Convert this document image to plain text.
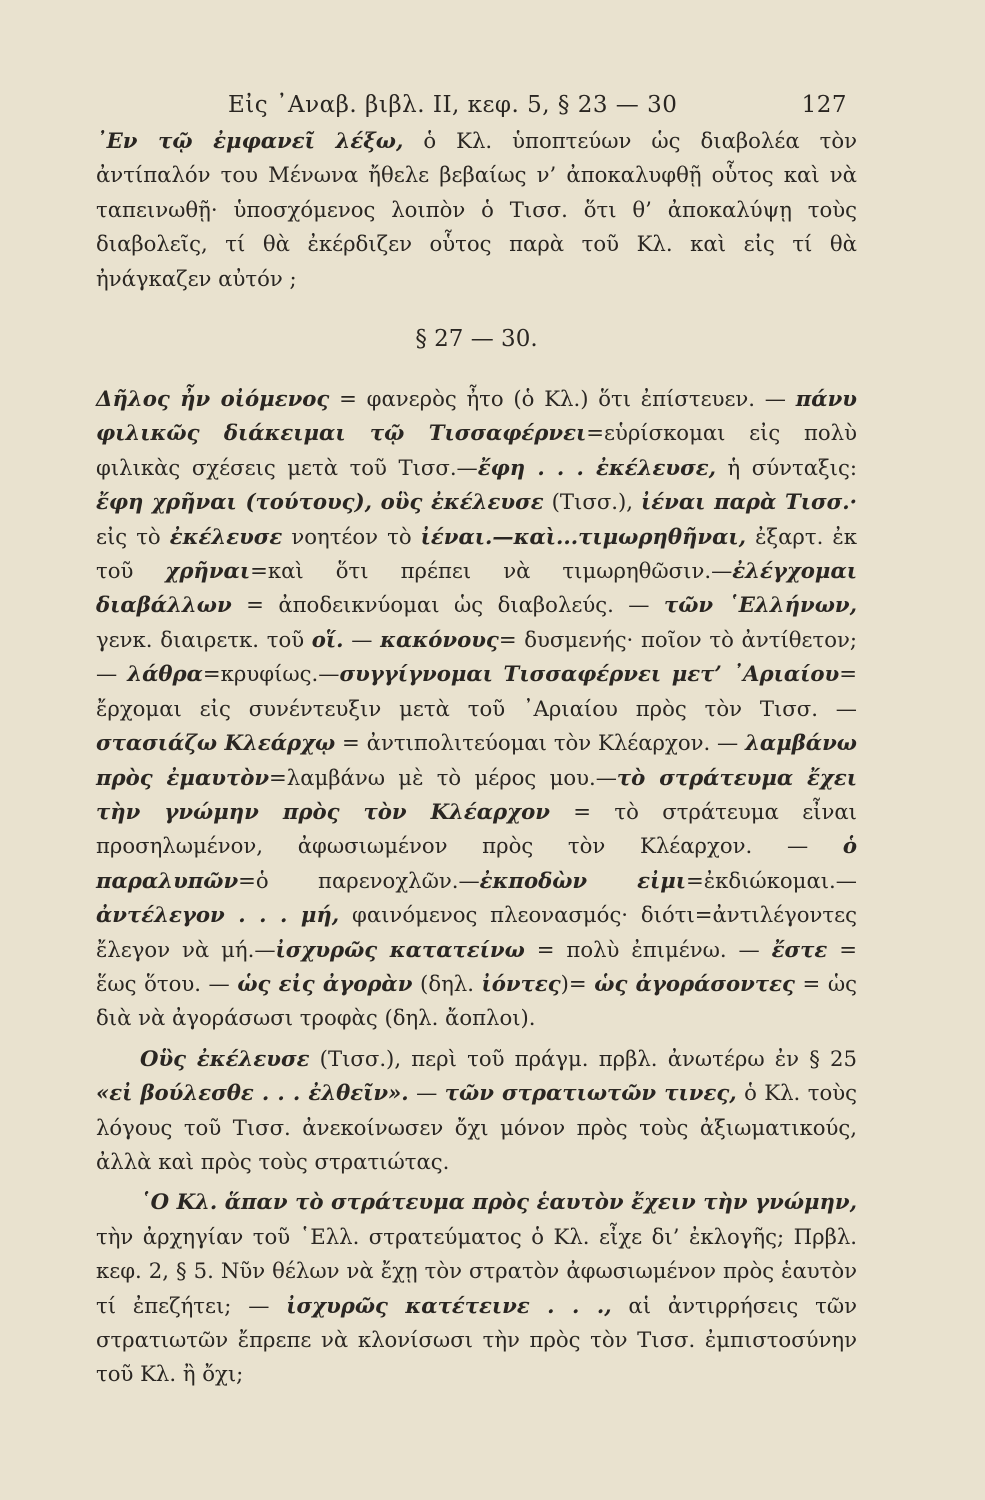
Εἰς ᾿Αναβ. βιβλ. ΙΙ, κεφ. 5, § 23 — 30	127

᾿Εν τῷ ἐμφανεῖ λέξω, ὁ Κλ. ὑποπτεύων ὡς διαβολέα τὸν ἀντίπαλόν του Μένωνα ἤθελε βεβαίως ν’ ἀποκαλυφθῇ οὗτος καὶ νὰ ταπεινωθῇ· ὑποσχόμενος λοιπὸν ὁ Τισσ. ὅτι θ’ ἀποκαλύψῃ τοὺς διαβολεῖς, τί θὰ ἐκέρδιζεν οὗτος παρὰ τοῦ Κλ. καὶ εἰς τί θὰ ἠνάγκαζεν αὐτόν ;

§ 27 — 30.

Δῆλος ἦν οἰόμενος = φανερὸς ἦτο (ὁ Κλ.) ὅτι ἐπίστευεν. — πάνυ φιλικῶς διάκειμαι τῷ Τισσαφέρνει=εὑρίσκομαι εἰς πολὺ φιλικὰς σχέσεις μετὰ τοῦ Τισσ.—ἔφη . . . ἐκέλευσε, ἡ σύνταξις: ἔφη χρῆναι (τούτους), οὓς ἐκέλευσε (Τισσ.), ἰέναι παρὰ Τισσ.· εἰς τὸ ἐκέλευσε νοητέον τὸ ἰέναι.—καὶ...τιμωρηθῆναι, ἐξαρτ. ἐκ τοῦ χρῆναι=καὶ ὅτι πρέπει νὰ τιμωρηθῶσιν.—ἐλέγχομαι διαβάλλων = ἀποδεικνύομαι ὡς διαβολεύς. — τῶν ῾Ελλήνων, γενκ. διαιρετκ. τοῦ οἵ. — κακόνους= δυσμενής· ποῖον τὸ ἀντίθετον; — λάθρα=κρυφίως.—συγγίγνομαι Τισσαφέρνει μετ’ ᾿Αριαίου= ἔρχομαι εἰς συνέντευξιν μετὰ τοῦ ᾿Αριαίου πρὸς τὸν Τισσ. — στασιάζω Κλεάρχῳ = ἀντιπολιτεύομαι τὸν Κλέαρχον. — λαμβάνω πρὸς ἐμαυτὸν=λαμβάνω μὲ τὸ μέρος μου.—τὸ στράτευμα ἔχει τὴν γνώμην πρὸς τὸν Κλέαρχον = τὸ στράτευμα εἶναι προσηλωμένον, ἀφωσιωμένον πρὸς τὸν Κλέαρχον. — ὁ παραλυπῶν=ὁ παρενοχλῶν.—ἐκποδὼν εἰμι=ἐκδιώκομαι.—ἀντέλεγον . . . μή, φαινόμενος πλεονασμός· διότι=ἀντιλέγοντες ἔλεγον νὰ μή.—ἰσχυρῶς κατατείνω = πολὺ ἐπιμένω. — ἔστε = ἕως ὅτου. — ὡς εἰς ἀγορὰν (δηλ. ἰόντες)= ὡς ἀγοράσοντες = ὡς διὰ νὰ ἀγοράσωσι τροφὰς (δηλ. ἄοπλοι).

Οὓς ἐκέλευσε (Τισσ.), περὶ τοῦ πράγμ. πρβλ. ἀνωτέρω ἐν § 25 «εἰ βούλεσθε . . . ἐλθεῖν». — τῶν στρατιωτῶν τινες, ὁ Κλ. τοὺς λόγους τοῦ Τισσ. ἀνεκοίνωσεν ὄχι μόνον πρὸς τοὺς ἀξιωματικούς, ἀλλὰ καὶ πρὸς τοὺς στρατιώτας.

῾Ο Κλ. ἅπαν τὸ στράτευμα πρὸς ἑαυτὸν ἔχειν τὴν γνώμην, τὴν ἀρχηγίαν τοῦ ῾Ελλ. στρατεύματος ὁ Κλ. εἶχε δι’ ἐκλογῆς; Πρβλ. κεφ. 2, § 5. Νῦν θέλων νὰ ἔχῃ τὸν στρατὸν ἀφωσιωμένον πρὸς ἑαυτὸν τί ἐπεζήτει; — ἰσχυρῶς κατέτεινε . . ., αἱ ἀντιρρήσεις τῶν στρατιωτῶν ἔπρεπε νὰ κλονίσωσι τὴν πρὸς τὸν Τισσ. ἐμπιστοσύνην τοῦ Κλ. ἢ ὄχι;
